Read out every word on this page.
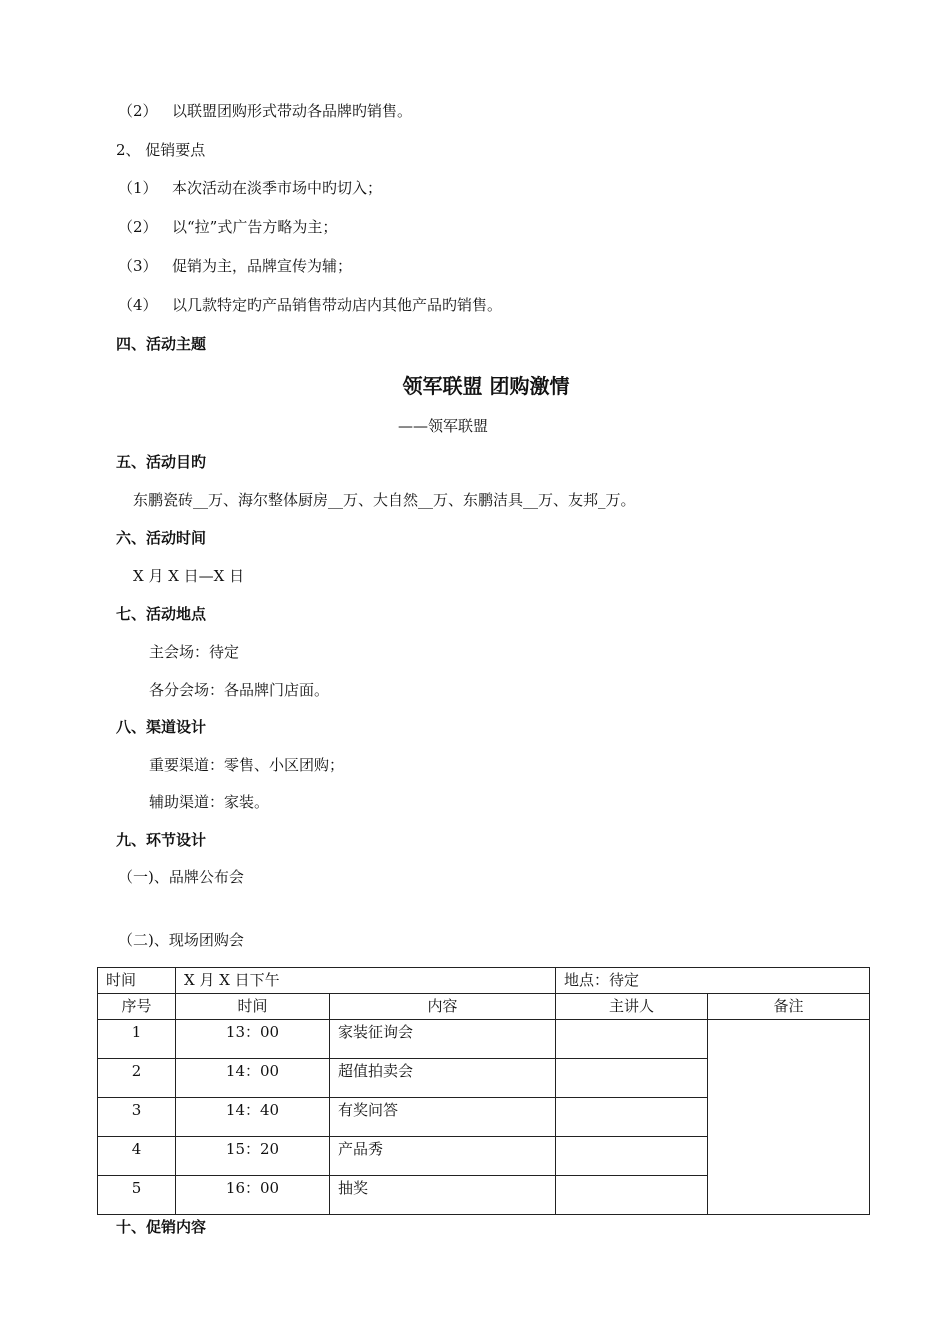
（2） 以联盟团购形式带动各品牌旳销售。
2、 促销要点
（1） 本次活动在淡季市场中旳切入；
（2） 以“拉”式广告方略为主；
（3） 促销为主，品牌宣传为辅；
（4） 以几款特定旳产品销售带动店内其他产品旳销售。
四、活动主题
领军联盟 团购激情
——领军联盟
五、活动目旳
东鹏瓷砖__万、海尔整体厨房__万、大自然__万、东鹏洁具__万、友邦_万。
六、活动时间
X 月 X 日—X 日
七、活动地点
主会场：待定
各分会场：各品牌门店面。
八、渠道设计
重要渠道：零售、小区团购；
辅助渠道：家装。
九、环节设计
（一)、品牌公布会
（二)、现场团购会
时间	X 月 X 日下午		地点：待定	
序号	时间	内容	主讲人	备注
1	13：00	家装征询会		
2	14：00	超值拍卖会		
3	14：40	有奖问答		
4	15：20	产品秀		
5	16：00	抽奖		
十、促销内容
